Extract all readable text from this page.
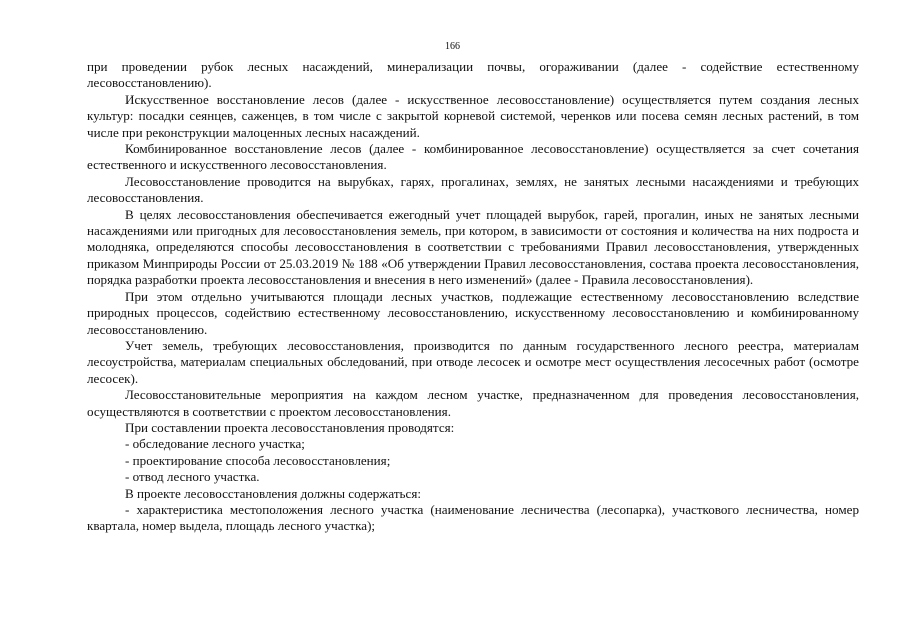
166

при проведении рубок лесных насаждений, минерализации почвы, огораживании (далее - содействие естественному лесовосстановлению).

Искусственное восстановление лесов (далее - искусственное лесовосстановление) осуществляется путем создания лесных культур: посадки сеянцев, саженцев, в том числе с закрытой корневой системой, черенков или посева семян лесных растений, в том числе при реконструкции малоценных лесных насаждений.

Комбинированное восстановление лесов (далее - комбинированное лесовосстановление) осуществляется за счет сочетания естественного и искусственного лесовосстановления.

Лесовосстановление проводится на вырубках, гарях, прогалинах, землях, не занятых лесными насаждениями и требующих лесовосстановления.

В целях лесовосстановления обеспечивается ежегодный учет площадей вырубок, гарей, прогалин, иных не занятых лесными насаждениями или пригодных для лесовосстановления земель, при котором, в зависимости от состояния и количества на них подроста и молодняка, определяются способы лесовосстановления в соответствии с требованиями Правил лесовосстановления, утвержденных приказом Минприроды России от 25.03.2019 № 188 «Об утверждении Правил лесовосстановления, состава проекта лесовосстановления, порядка разработки проекта лесовосстановления и внесения в него изменений» (далее - Правила лесовосстановления).

При этом отдельно учитываются площади лесных участков, подлежащие естественному лесовосстановлению вследствие природных процессов, содействию естественному лесовосстановлению, искусственному лесовосстановлению и комбинированному лесовосстановлению.

Учет земель, требующих лесовосстановления, производится по данным государственного лесного реестра, материалам лесоустройства, материалам специальных обследований, при отводе лесосек и осмотре мест осуществления лесосечных работ (осмотре лесосек).

Лесовосстановительные мероприятия на каждом лесном участке, предназначенном для проведения лесовосстановления, осуществляются в соответствии с проектом лесовосстановления.

При составлении проекта лесовосстановления проводятся:

- обследование лесного участка;

- проектирование способа лесовосстановления;

- отвод лесного участка.

В проекте лесовосстановления должны содержаться:

- характеристика местоположения лесного участка (наименование лесничества (лесопарка), участкового лесничества, номер квартала, номер выдела, площадь лесного участка);
